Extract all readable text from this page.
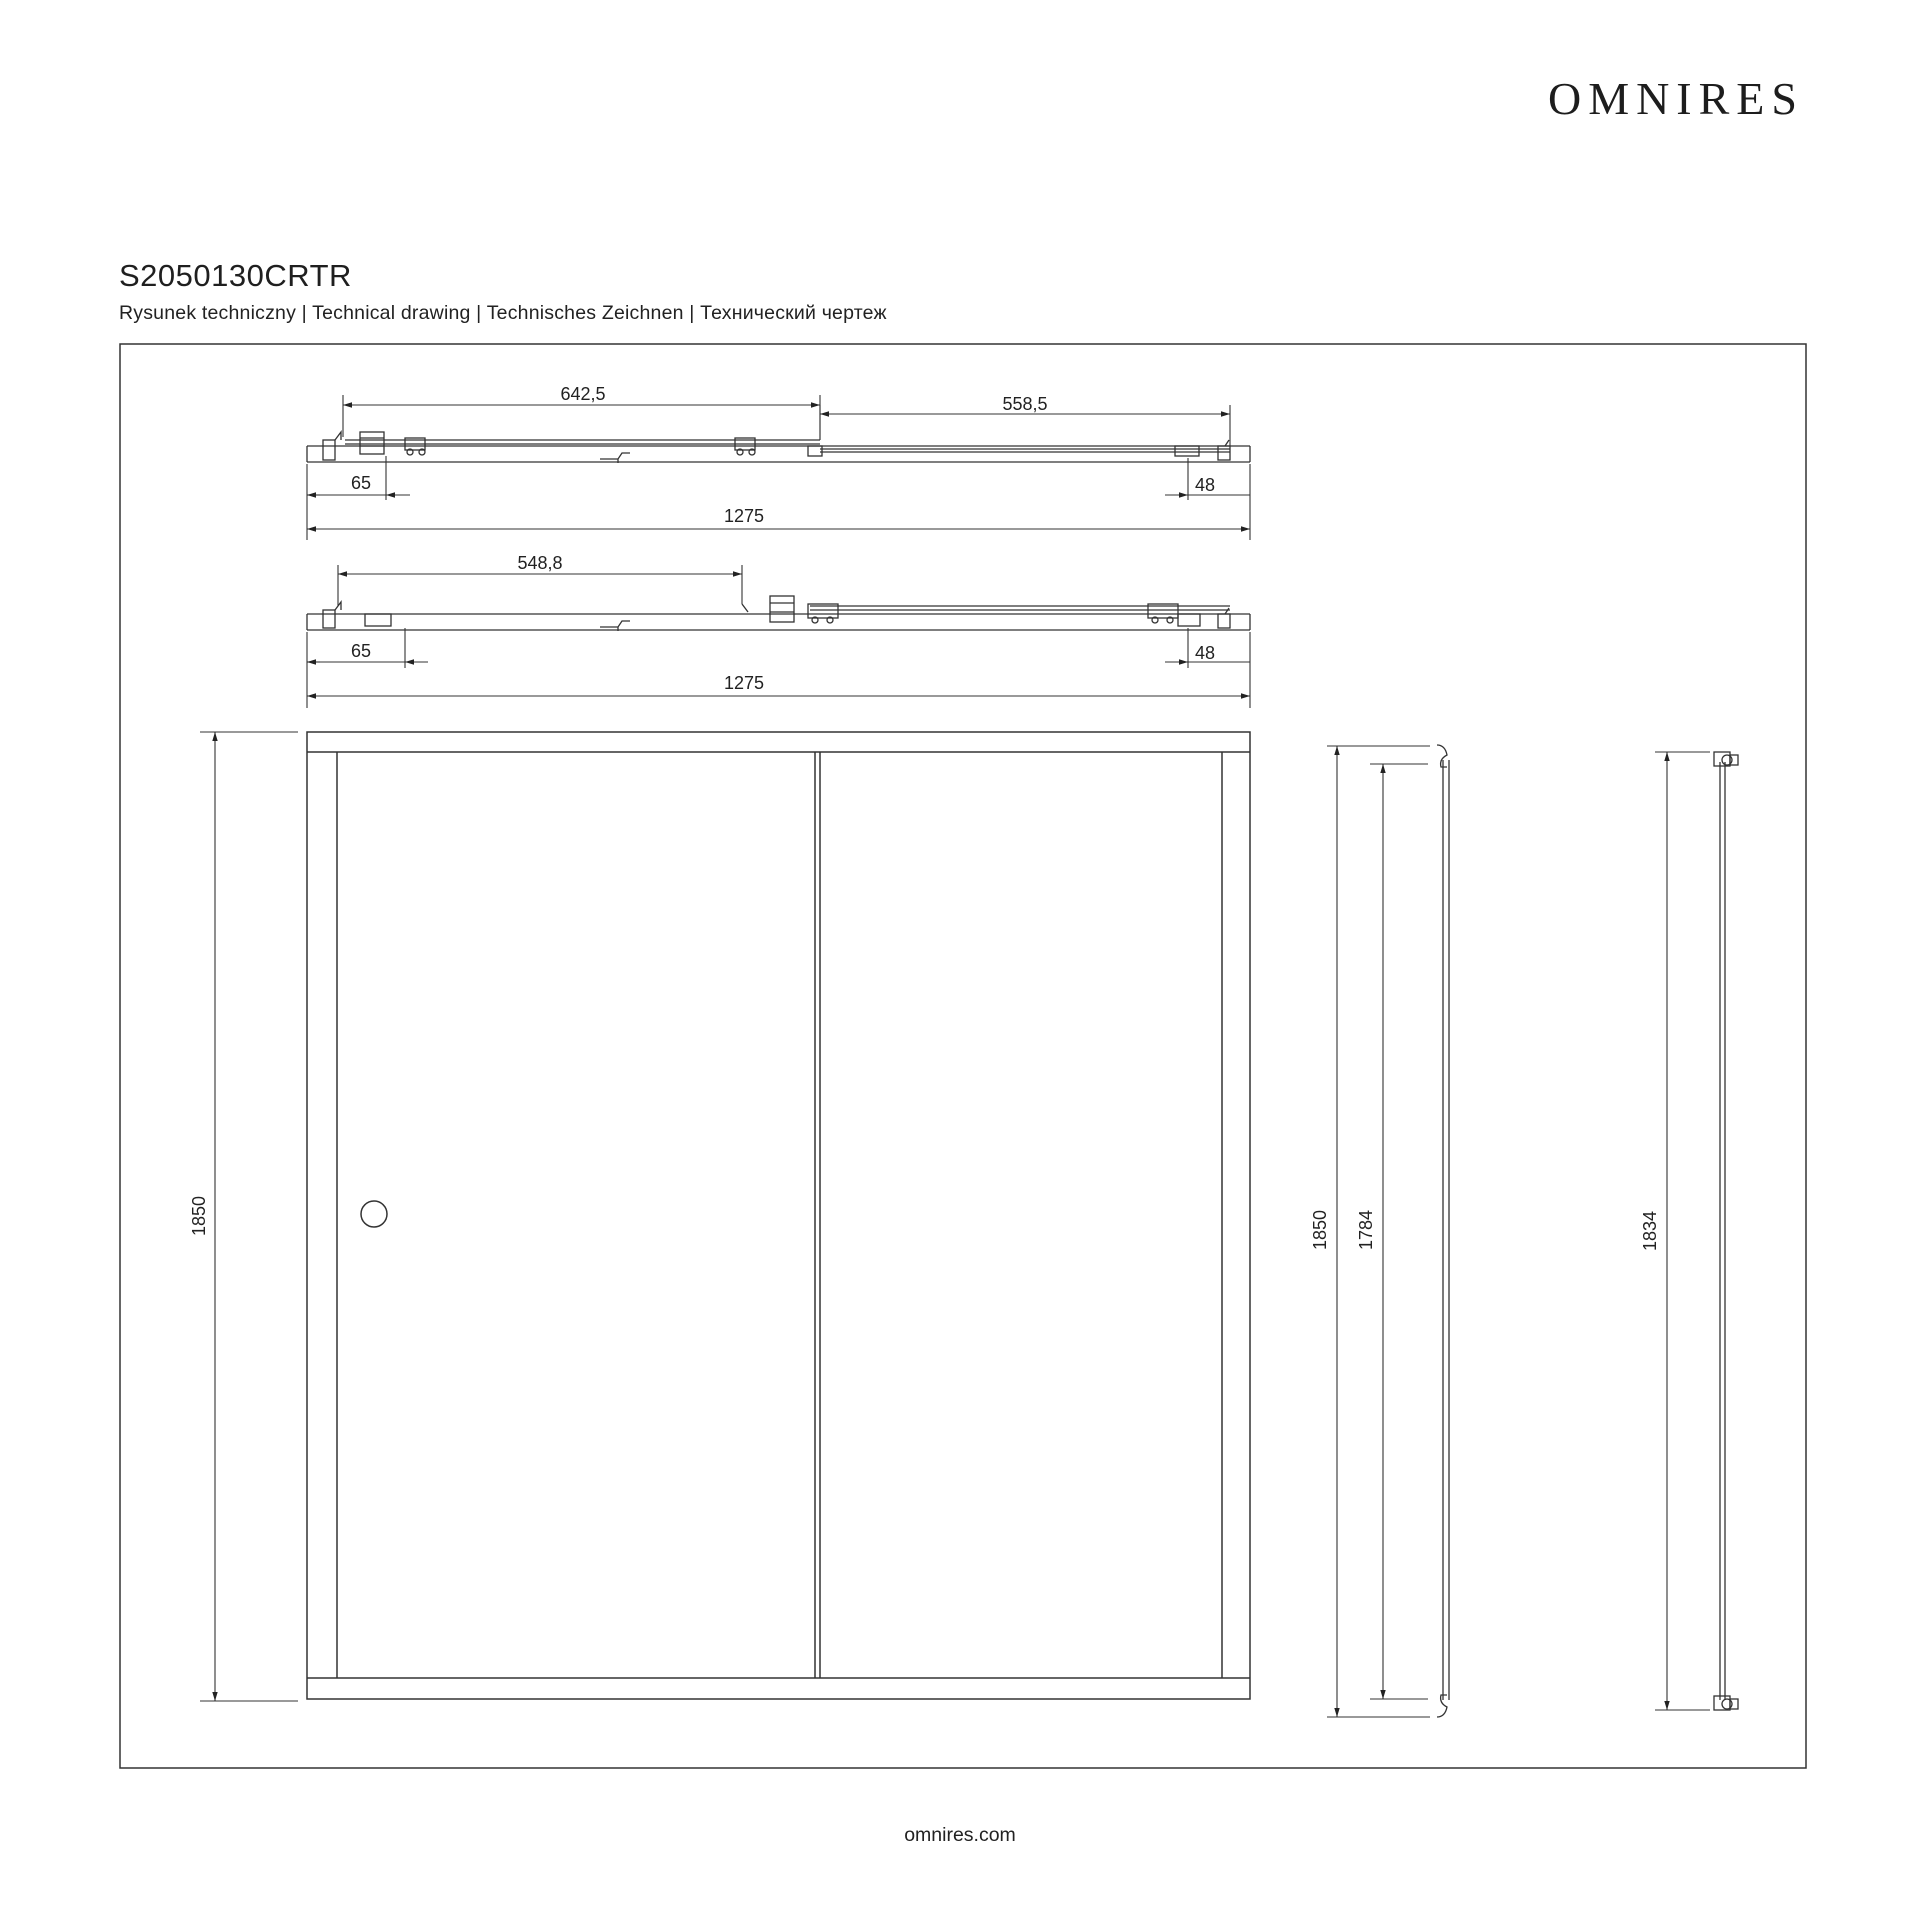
OMNIRES
S2050130CRTR
Rysunek techniczny | Technical drawing | Technisches Zeichnen | Технический чертеж
642,5	558,5
65	48
1275
548,8
65	48
1275
1850	1850 1784	1834
omnires.com
